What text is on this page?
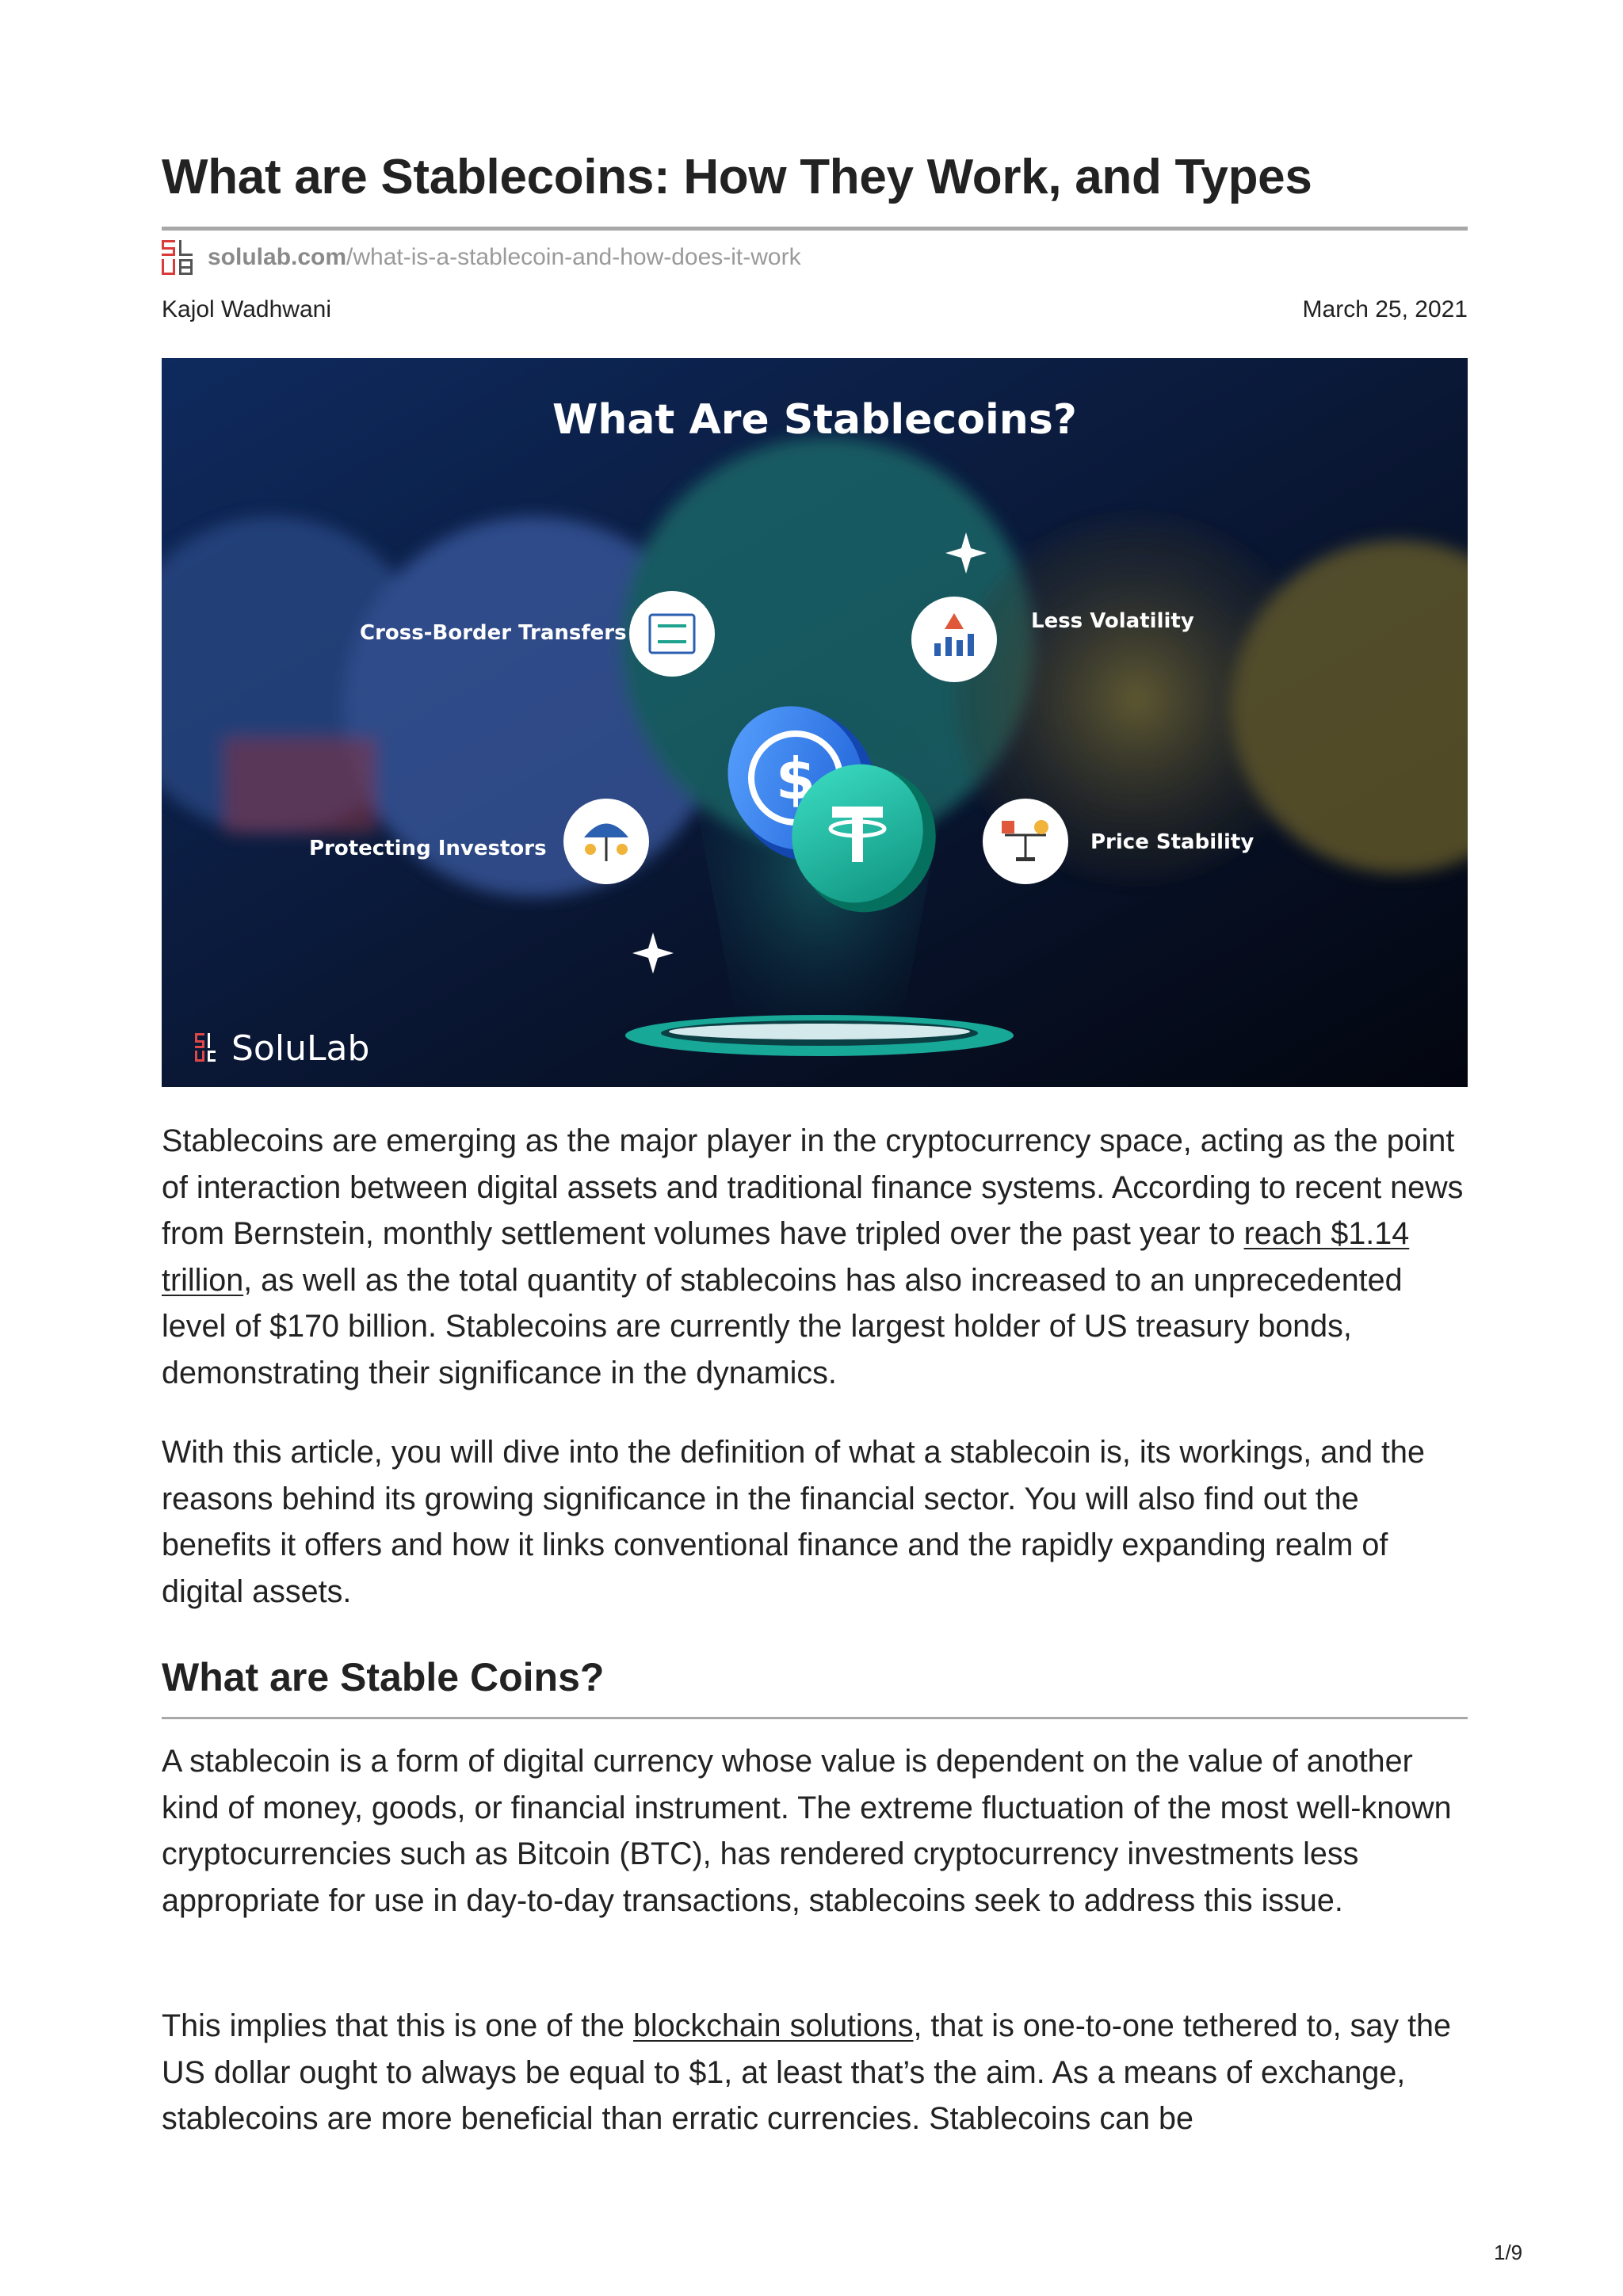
What are Stablecoins: How They Work, and Types
solulab.com /what-is-a-stablecoin-and-how-does-it-work
Kajol Wadhwani	March 25, 2021
What Are Stablecoins?
Cross-Border Transfers	Less Volatility
Protecting Investors	Price Stability
$
SoluLab

Stablecoins are emerging as the major player in the cryptocurrency space, acting as the point of interaction between digital assets and traditional finance systems. According to recent news from Bernstein, monthly settlement volumes have tripled over the past year to reach $1.14 trillion, as well as the total quantity of stablecoins has also increased to an unprecedented level of $170 billion. Stablecoins are currently the largest holder of US treasury bonds, demonstrating their significance in the dynamics.

With this article, you will dive into the definition of what a stablecoin is, its workings, and the reasons behind its growing significance in the financial sector. You will also find out the benefits it offers and how it links conventional finance and the rapidly expanding realm of digital assets.

What are Stable Coins?

A stablecoin is a form of digital currency whose value is dependent on the value of another kind of money, goods, or financial instrument. The extreme fluctuation of the most well-known cryptocurrencies such as Bitcoin (BTC), has rendered cryptocurrency investments less appropriate for use in day-to-day transactions, stablecoins seek to address this issue.

This implies that this is one of the blockchain solutions, that is one-to-one tethered to, say the US dollar ought to always be equal to $1, at least that’s the aim. As a means of exchange, stablecoins are more beneficial than erratic currencies. Stablecoins can be

1/9
